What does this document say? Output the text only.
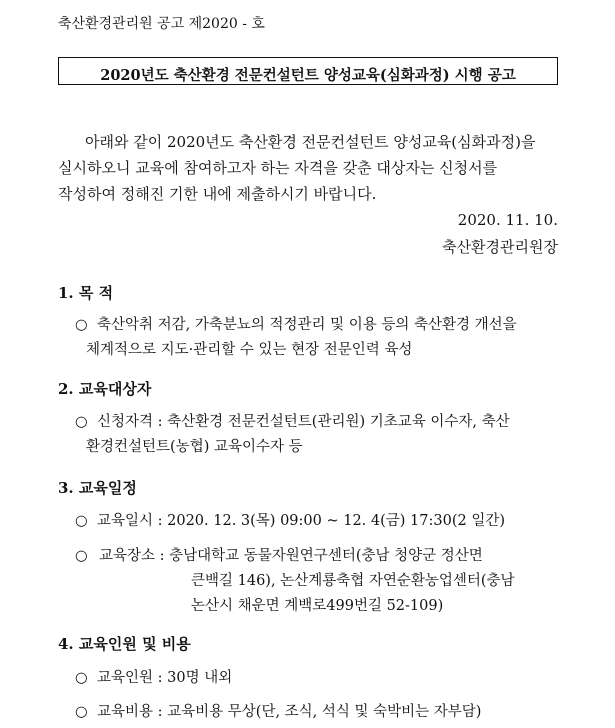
축산환경관리원 공고 제2020 - 호
2020년도 축산환경 전문컨설턴트 양성교육(심화과정) 시행 공고
아래와 같이 2020년도 축산환경 전문컨설턴트 양성교육(심화과정)을
실시하오니 교육에 참여하고자 하는 자격을 갖춘 대상자는 신청서를
작성하여 정해진 기한 내에 제출하시기 바랍니다.
2020. 11. 10.
축산환경관리원장
1. 목 적
○ 축산악취 저감, 가축분뇨의 적정관리 및 이용 등의 축산환경 개선을
체계적으로 지도·관리할 수 있는 현장 전문인력 육성
2. 교육대상자
○ 신청자격 : 축산환경 전문컨설턴트(관리원) 기초교육 이수자, 축산
환경컨설턴트(농협) 교육이수자 등
3. 교육일정
○ 교육일시 : 2020. 12. 3(목) 09:00 ~ 12. 4(금) 17:30(2 일간)
○ 교육장소 : 충남대학교 동물자원연구센터(충남 청양군 정산면
큰백길 146), 논산계룡축협 자연순환농업센터(충남
논산시 채운면 계백로499번길 52-109)
4. 교육인원 및 비용
○ 교육인원 : 30명 내외
○ 교육비용 : 교육비용 무상(단, 조식, 석식 및 숙박비는 자부담)
